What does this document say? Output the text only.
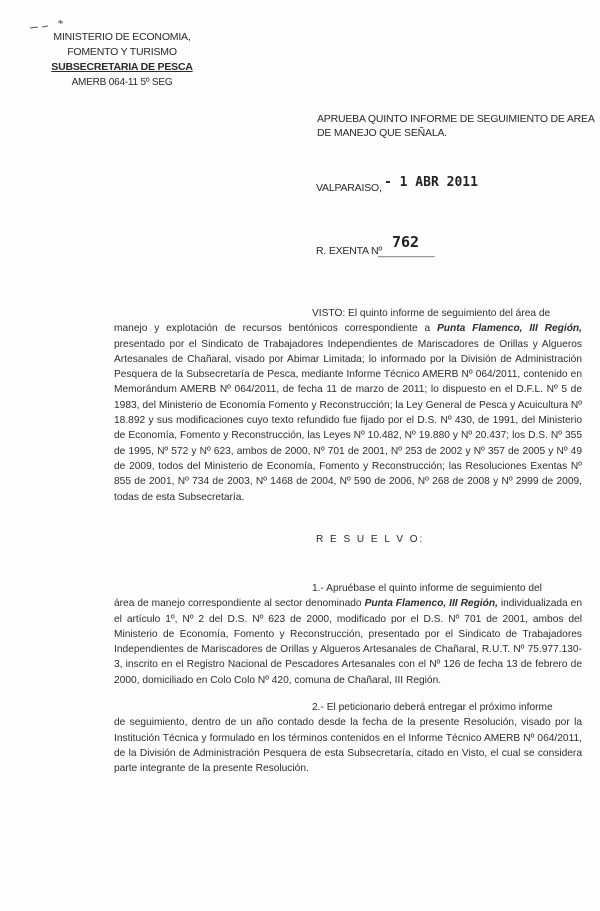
MINISTERIO DE ECONOMIA,
FOMENTO Y TURISMO
SUBSECRETARIA DE PESCA
AMERB 064-11 5º SEG
APRUEBA QUINTO INFORME DE SEGUIMIENTO DE AREA
DE MANEJO QUE SEÑALA.
VALPARAISO, - 1 ABR 2011
R. EXENTA Nº
__________
762

VISTO: El quinto informe de seguimiento del área de

manejo y explotación de recursos bentónicos correspondiente a Punta Flamenco, III Región, presentado por el Sindicato de Trabajadores Independientes de Mariscadores de Orillas y Algueros Artesanales de Chañaral, visado por Abimar Limitada; lo informado por la División de Administración Pesquera de la Subsecretaría de Pesca, mediante Informe Técnico AMERB Nº 064/2011, contenido en Memorándum AMERB Nº 064/2011, de fecha 11 de marzo de 2011; lo dispuesto en el D.F.L. Nº 5 de 1983, del Ministerio de Economía Fomento y Reconstrucción; la Ley General de Pesca y Acuicultura Nº 18.892 y sus modificaciones cuyo texto refundido fue fijado por el D.S. Nº 430, de 1991, del Ministerio de Economía, Fomento y Reconstrucción, las Leyes Nº 10.482, Nº 19.880 y Nº 20.437; los D.S. Nº 355 de 1995, Nº 572 y Nº 623, ambos de 2000, Nº 701 de 2001, Nº 253 de 2002 y Nº 357 de 2005 y Nº 49 de 2009, todos del Ministerio de Economía, Fomento y Reconstrucción; las Resoluciones Exentas Nº 855 de 2001, Nº 734 de 2003, Nº 1468 de 2004, Nº 590 de 2006, Nº 268 de 2008 y Nº 2999 de 2009, todas de esta Subsecretaría.

R E S U E L V O:

1.- Apruébase el quinto informe de seguimiento del

área de manejo correspondiente al sector denominado Punta Flamenco, III Región, individualizada en el artículo 1º, Nº 2 del D.S. Nº 623 de 2000, modificado por el D.S. Nº 701 de 2001, ambos del Ministerio de Economía, Fomento y Reconstrucción, presentado por el Sindicato de Trabajadores Independientes de Mariscadores de Orillas y Algueros Artesanales de Chañaral, R.U.T. Nº 75.977.130-3, inscrito en el Registro Nacional de Pescadores Artesanales con el Nº 126 de fecha 13 de febrero de 2000, domiciliado en Colo Colo Nº 420, comuna de Chañaral, III Región.

2.- El peticionario deberá entregar el próximo informe

de seguimiento, dentro de un año contado desde la fecha de la presente Resolución, visado por la Institución Técnica y formulado en los términos contenidos en el Informe Técnico AMERB Nº 064/2011, de la División de Administración Pesquera de esta Subsecretaría, citado en Visto, el cual se considera parte integrante de la presente Resolución.
